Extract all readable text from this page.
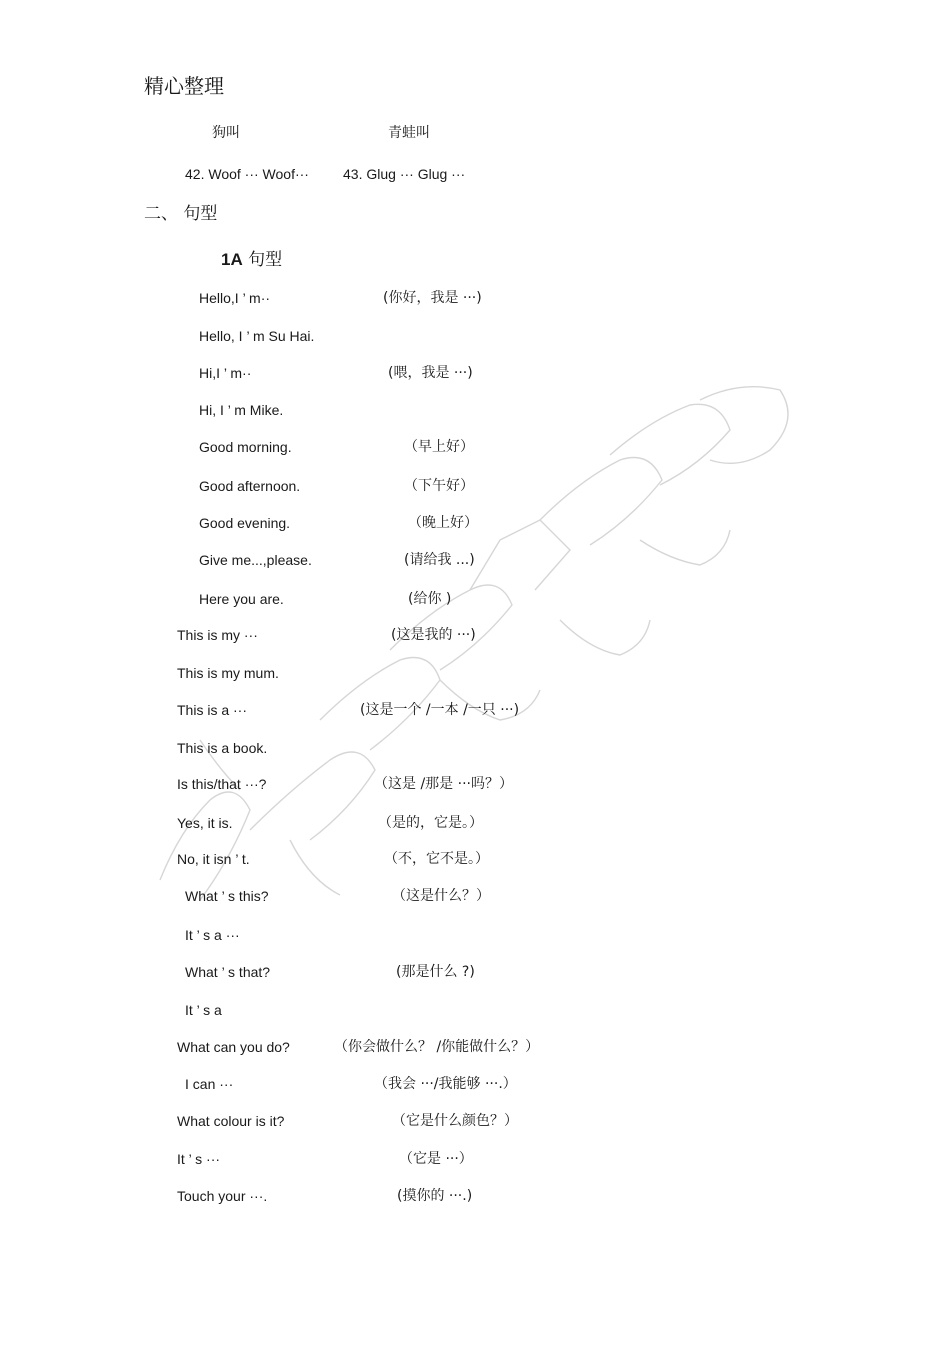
精心整理
狗叫	青蛙叫
42. Woof ··· Woof··· 43. Glug ··· Glug ···
二、 句型
1A 句型
Hello,I ’ m··	(你好，我是 ···)
Hello, I ’ m Su Hai.
Hi,I ’ m··	(喂，我是 ···)
Hi, I ’ m Mike.
Good morning.	（早上好）
Good afternoon.	（下午好）
Good evening.	（晚上好）
Give me...,please.	(请给我 ...)
Here you are.	(给你 )
This is my ···	(这是我的 ···)
This is my mum.
This is a ···	(这是一个 /一本 /一只 ···)
This is a book.
Is this/that ···?	（这是 /那是 ···吗？）
Yes, it is.	（是的，它是。）
No, it isn ’ t.	（不，它不是。）
What ’ s this?	（这是什么？）
It ’ s a ···
What ’ s that?	(那是什么 ?)
It ’ s a
What can you do?	（你会做什么？ /你能做什么？）
I can ···	（我会 ···/我能够 ···.）
What colour is it?	（它是什么颜色？）
It ’ s ···	（它是 ···）
Touch your ···.	(摸你的 ···.)
